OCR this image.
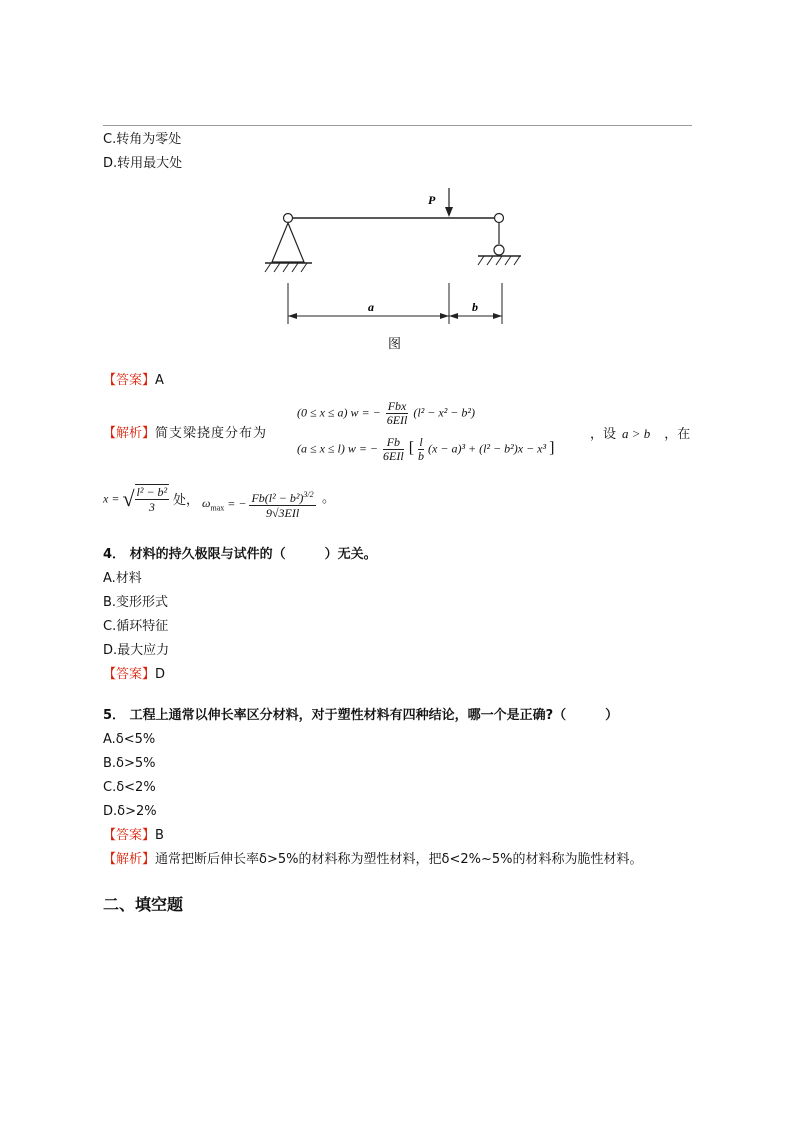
C.转角为零处
D.转用最大处
P
a	b
图
【答案】A
【解析】简支梁挠度分布为
(0 ≤ x ≤ a) w = − Fbx
6EIl
(l² − x² − b²)
(a ≤ x ≤ l) w = − Fb
6EIl [ $\frac{l}{b} (x - a)^3 + (l^2 - b^2)x - x^3$ ]
，设 a > b ，在
x = √ $\frac{\text{l² − b²}}{3}$ 处， $\omega_{max}$ = − $Fb(l^2 - b^2)^{3/2}$
9√3EIl
。
4． 材料的持久极限与试件的（　　　）无关。
A.材料
B.变形形式
C.循环特征
D.最大应力
【答案】D
5． 工程上通常以伸长率区分材料，对于塑性材料有四种结论，哪一个是正确?（　　　）
A.δ<5%
B.δ>5%
C.δ<2%
D.δ>2%
【答案】B
【解析】通常把断后伸长率δ>5%的材料称为塑性材料，把δ<2%~5%的材料称为脆性材料。
二、填空题
